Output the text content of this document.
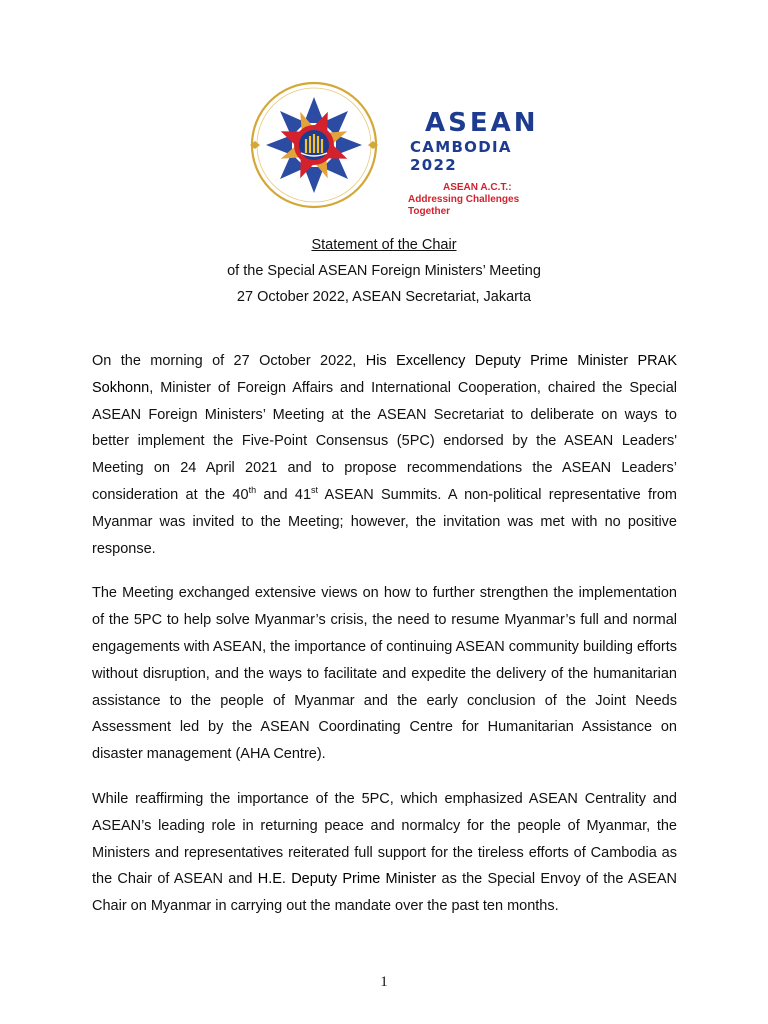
ASEAN
CAMBODIA 2022
ASEAN A.C.T.:
Addressing Challenges Together
Statement of the Chair
of the Special ASEAN Foreign Ministers’ Meeting
27 October 2022, ASEAN Secretariat, Jakarta

On the morning of 27 October 2022, His Excellency Deputy Prime Minister PRAK Sokhonn, Minister of Foreign Affairs and International Cooperation, chaired the Special ASEAN Foreign Ministers’ Meeting at the ASEAN Secretariat to deliberate on ways to better implement the Five-Point Consensus (5PC) endorsed by the ASEAN Leaders' Meeting on 24 April 2021 and to propose recommendations the ASEAN Leaders’ consideration at the 40th and 41st ASEAN Summits. A non-political representative from Myanmar was invited to the Meeting; however, the invitation was met with no positive response.

The Meeting exchanged extensive views on how to further strengthen the implementation of the 5PC to help solve Myanmar’s crisis, the need to resume Myanmar’s full and normal engagements with ASEAN, the importance of continuing ASEAN community building efforts without disruption, and the ways to facilitate and expedite the delivery of the humanitarian assistance to the people of Myanmar and the early conclusion of the Joint Needs Assessment led by the ASEAN Coordinating Centre for Humanitarian Assistance on disaster management (AHA Centre).

While reaffirming the importance of the 5PC, which emphasized ASEAN Centrality and ASEAN’s leading role in returning peace and normalcy for the people of Myanmar, the Ministers and representatives reiterated full support for the tireless efforts of Cambodia as the Chair of ASEAN and H.E. Deputy Prime Minister as the Special Envoy of the ASEAN Chair on Myanmar in carrying out the mandate over the past ten months.

1
